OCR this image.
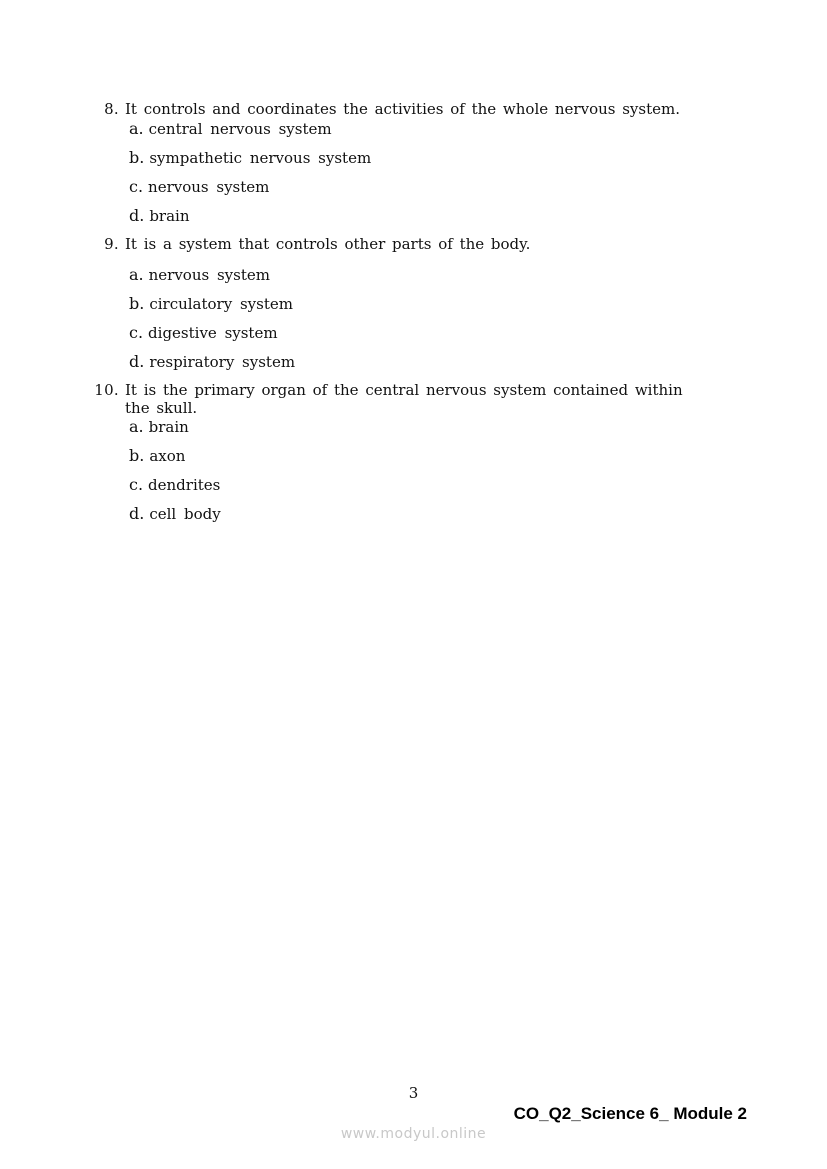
8. It controls and coordinates the activities of the whole nervous system.
a. central nervous system
b. sympathetic nervous system
c. nervous system
d. brain
9. It is a system that controls other parts of the body.
a. nervous system
b. circulatory system
c. digestive system
d. respiratory system
10. It is the primary organ of the central nervous system contained within the skull.
a. brain
b. axon
c. dendrites
d. cell body
3
CO_Q2_Science 6_ Module 2
www.modyul.online
